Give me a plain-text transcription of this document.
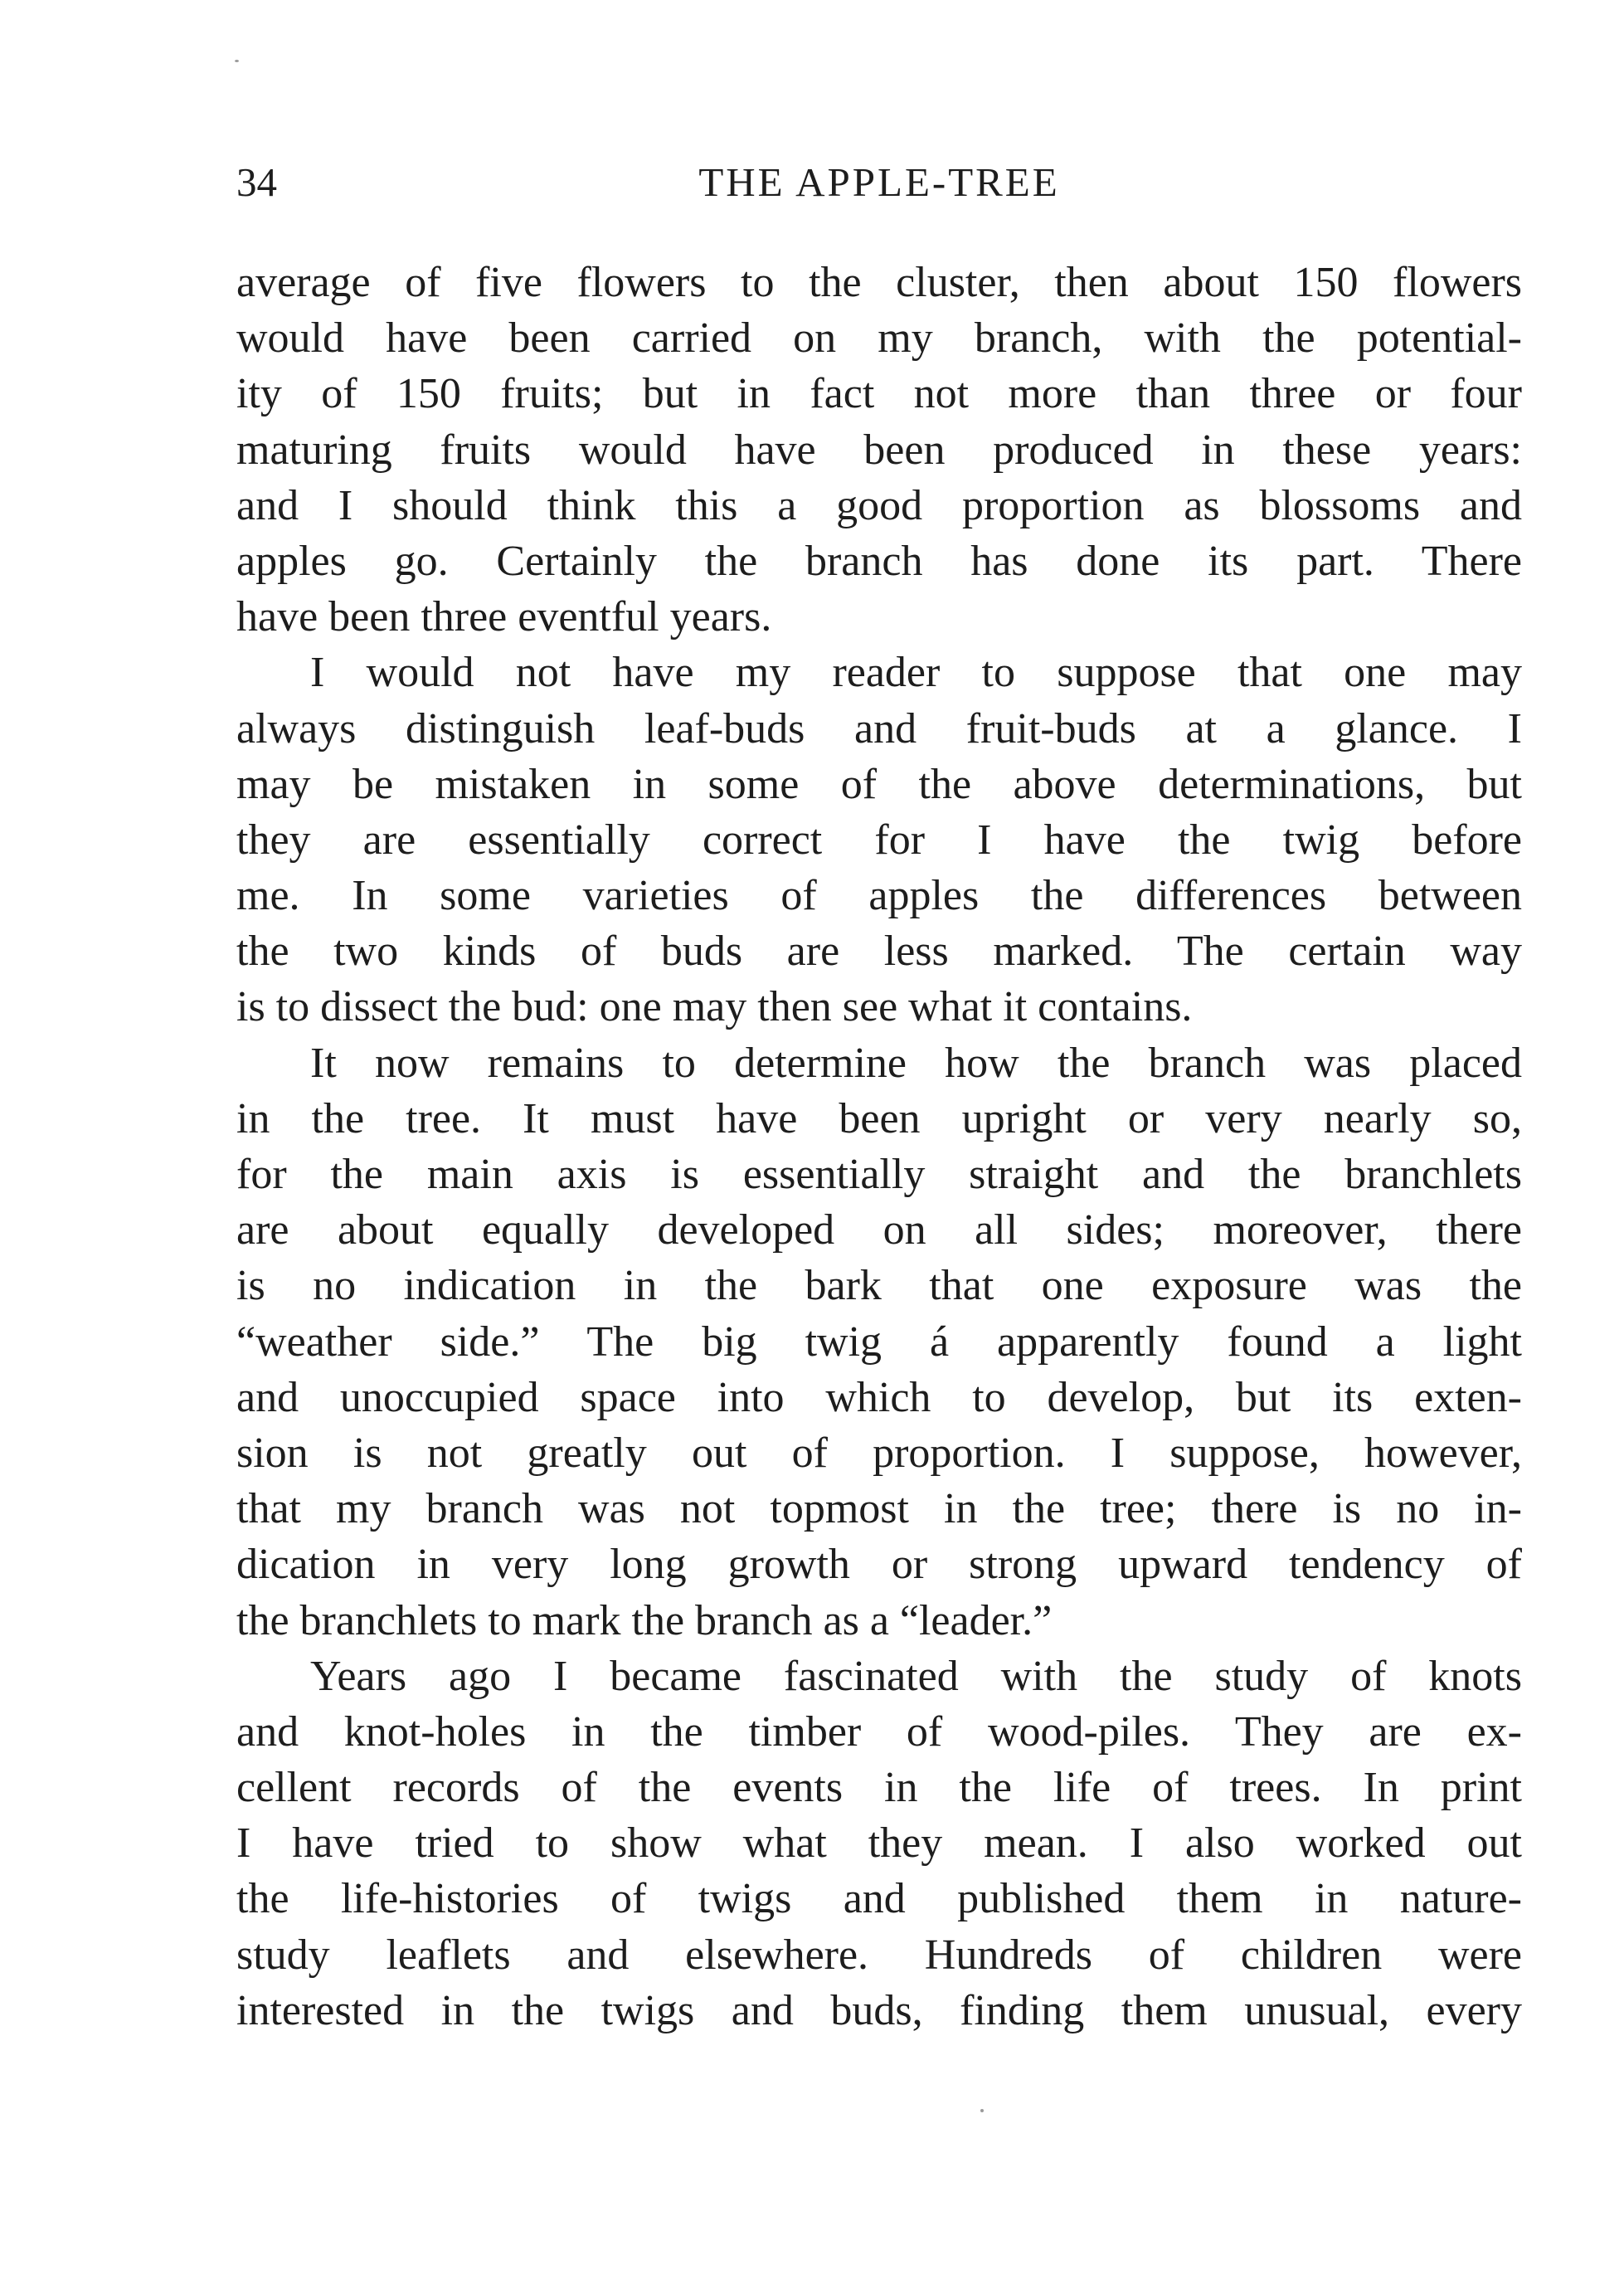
34	THE APPLE-TREE
average of five flowers to the cluster, then about 150 flowers
would have been carried on my branch, with the potential-
ity of 150 fruits; but in fact not more than three or four
maturing fruits would have been produced in these years:
and I should think this a good proportion as blossoms and
apples go. Certainly the branch has done its part. There
have been three eventful years.
I would not have my reader to suppose that one may
always distinguish leaf-buds and fruit-buds at a glance. I
may be mistaken in some of the above determinations, but
they are essentially correct for I have the twig before
me. In some varieties of apples the differences between
the two kinds of buds are less marked. The certain way
is to dissect the bud: one may then see what it contains.
It now remains to determine how the branch was placed
in the tree. It must have been upright or very nearly so,
for the main axis is essentially straight and the branchlets
are about equally developed on all sides; moreover, there
is no indication in the bark that one exposure was the
“weather side.” The big twig á apparently found a light
and unoccupied space into which to develop, but its exten-
sion is not greatly out of proportion. I suppose, however,
that my branch was not topmost in the tree; there is no in-
dication in very long growth or strong upward tendency of
the branchlets to mark the branch as a “leader.”
Years ago I became fascinated with the study of knots
and knot-holes in the timber of wood-piles. They are ex-
cellent records of the events in the life of trees. In print
I have tried to show what they mean. I also worked out
the life-histories of twigs and published them in nature-
study leaflets and elsewhere. Hundreds of children were
interested in the twigs and buds, finding them unusual, every
